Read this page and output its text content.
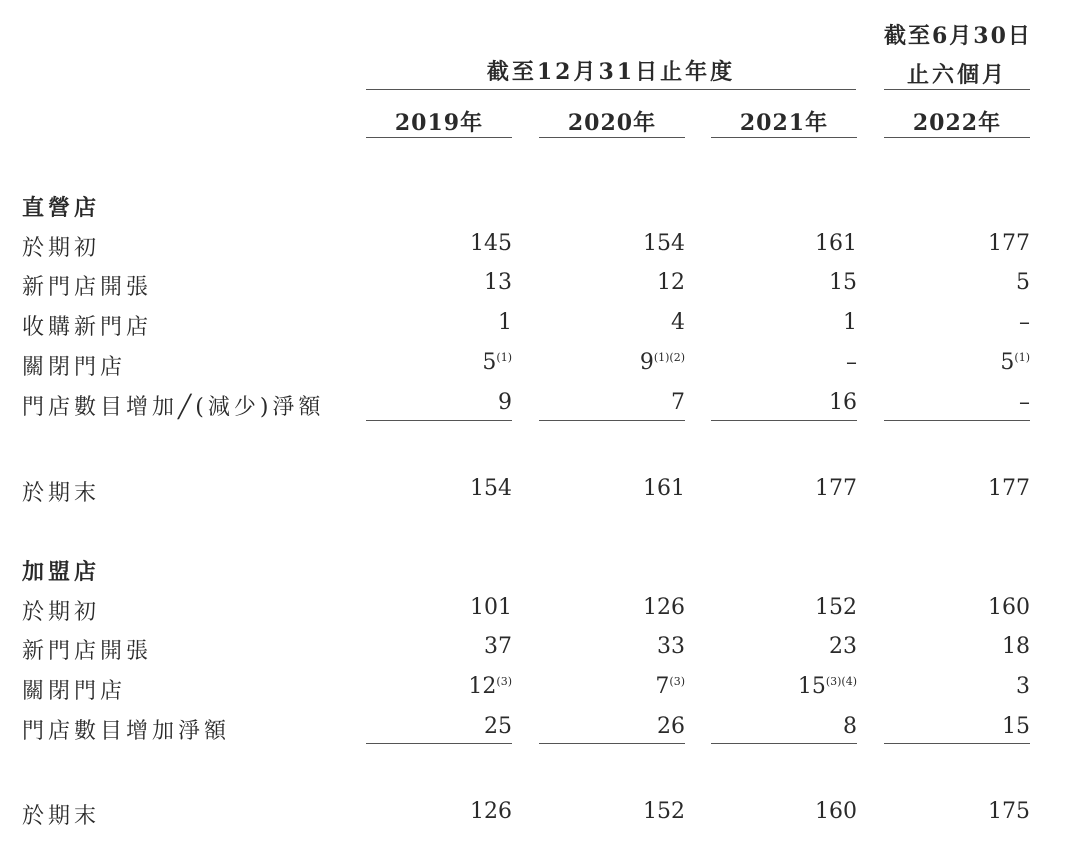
截至12月31日止年度
截至6月30日
止六個月
2019年	2020年	2021年	2022年
直營店
於期初	145	154	161	177
新門店開張	13	12	15	5
收購新門店	1	4	1	–
關閉門店	5$^{(1)}$	$9^{(1)(2)}$	–	5$^{(1)}$
門店數目增加╱(減少)淨額	9	7	16	–
於期末	154	161	177	177
加盟店
於期初	101	126	152	160
新門店開張	37	33	23	18
關閉門店	12$^{(3)}$	7$^{(3)}$	$15^{(3)(4)}$	3
門店數目增加淨額	25	26	8	15
於期末	126	152	160	175
